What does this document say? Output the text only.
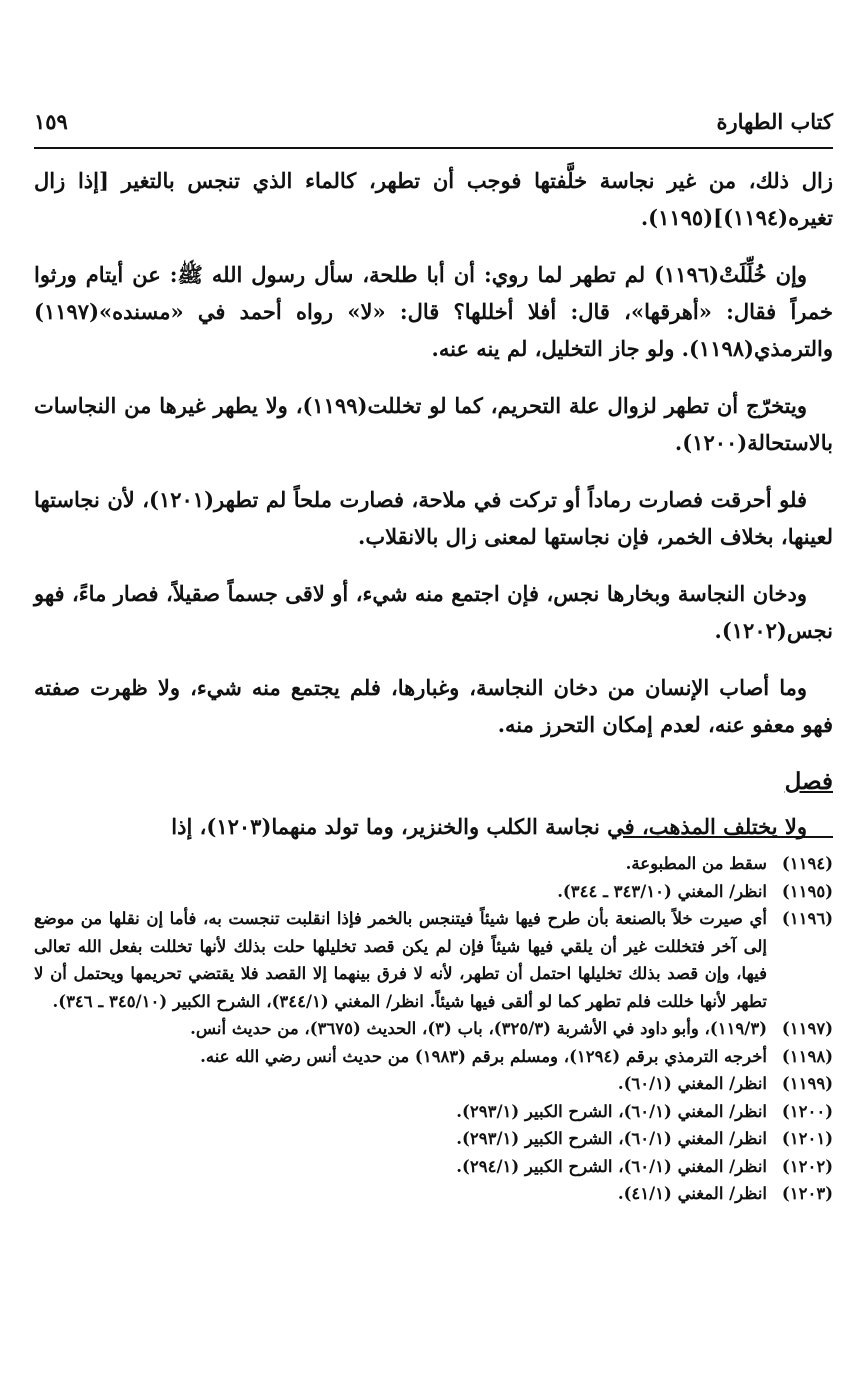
كتاب الطهارة
١٥٩

زال ذلك، من غير نجاسة خلَّفتها فوجب أن تطهر، كالماء الذي تنجس بالتغير [إذا زال تغيره(١١٩٤)](١١٩٥).

وإن خُلِّلَتْ(١١٩٦) لم تطهر لما روي: أن أبا طلحة، سأل رسول الله ﷺ: عن أيتام ورثوا خمراً فقال: «أهرقها»، قال: أفلا أخللها؟ قال: «لا» رواه أحمد في «مسنده»(١١٩٧) والترمذي(١١٩٨). ولو جاز التخليل، لم ينه عنه.

ويتخرّج أن تطهر لزوال علة التحريم، كما لو تخللت(١١٩٩)، ولا يطهر غيرها من النجاسات بالاستحالة(١٢٠٠).

فلو أحرقت فصارت رماداً أو تركت في ملاحة، فصارت ملحاً لم تطهر(١٢٠١)، لأن نجاستها لعينها، بخلاف الخمر، فإن نجاستها لمعنى زال بالانقلاب.

ودخان النجاسة وبخارها نجس، فإن اجتمع منه شيء، أو لاقى جسماً صقيلاً، فصار ماءً، فهو نجس(١٢٠٢).

وما أصاب الإنسان من دخان النجاسة، وغبارها، فلم يجتمع منه شيء، ولا ظهرت صفته فهو معفو عنه، لعدم إمكان التحرز منه.

فصل

ولا يختلف المذهب، في نجاسة الكلب والخنزير، وما تولد منهما(١٢٠٣)، إذا

(١١٩٤)
سقط من المطبوعة.
(١١٩٥)
انظر/ المغني (٣٤٣/١٠ ـ ٣٤٤).
(١١٩٦)
أي صيرت خلاً بالصنعة بأن طرح فيها شيئاً فيتنجس بالخمر فإذا انقلبت تنجست به، فأما إن نقلها من موضع إلى آخر فتخللت غير أن يلقي فيها شيئاً فإن لم يكن قصد تخليلها حلت بذلك لأنها تخللت بفعل الله تعالى فيها، وإن قصد بذلك تخليلها احتمل أن تطهر، لأنه لا فرق بينهما إلا القصد فلا يقتضي تحريمها ويحتمل أن لا تطهر لأنها خللت فلم تطهر كما لو ألقى فيها شيئاً. انظر/ المغني (٣٤٤/١)، الشرح الكبير (٣٤٥/١٠ ـ ٣٤٦).
(١١٩٧)
(١١٩/٣)، وأبو داود في الأشربة (٣٢٥/٣)، باب (٣)، الحديث (٣٦٧٥)، من حديث أنس.
(١١٩٨)
أخرجه الترمذي برقم (١٢٩٤)، ومسلم برقم (١٩٨٣) من حديث أنس رضي الله عنه.
(١١٩٩)
انظر/ المغني (٦٠/١).
(١٢٠٠)
انظر/ المغني (٦٠/١)، الشرح الكبير (٢٩٣/١).
(١٢٠١)
انظر/ المغني (٦٠/١)، الشرح الكبير (٢٩٣/١).
(١٢٠٢)
انظر/ المغني (٦٠/١)، الشرح الكبير (٢٩٤/١).
(١٢٠٣)
انظر/ المغني (٤١/١).
